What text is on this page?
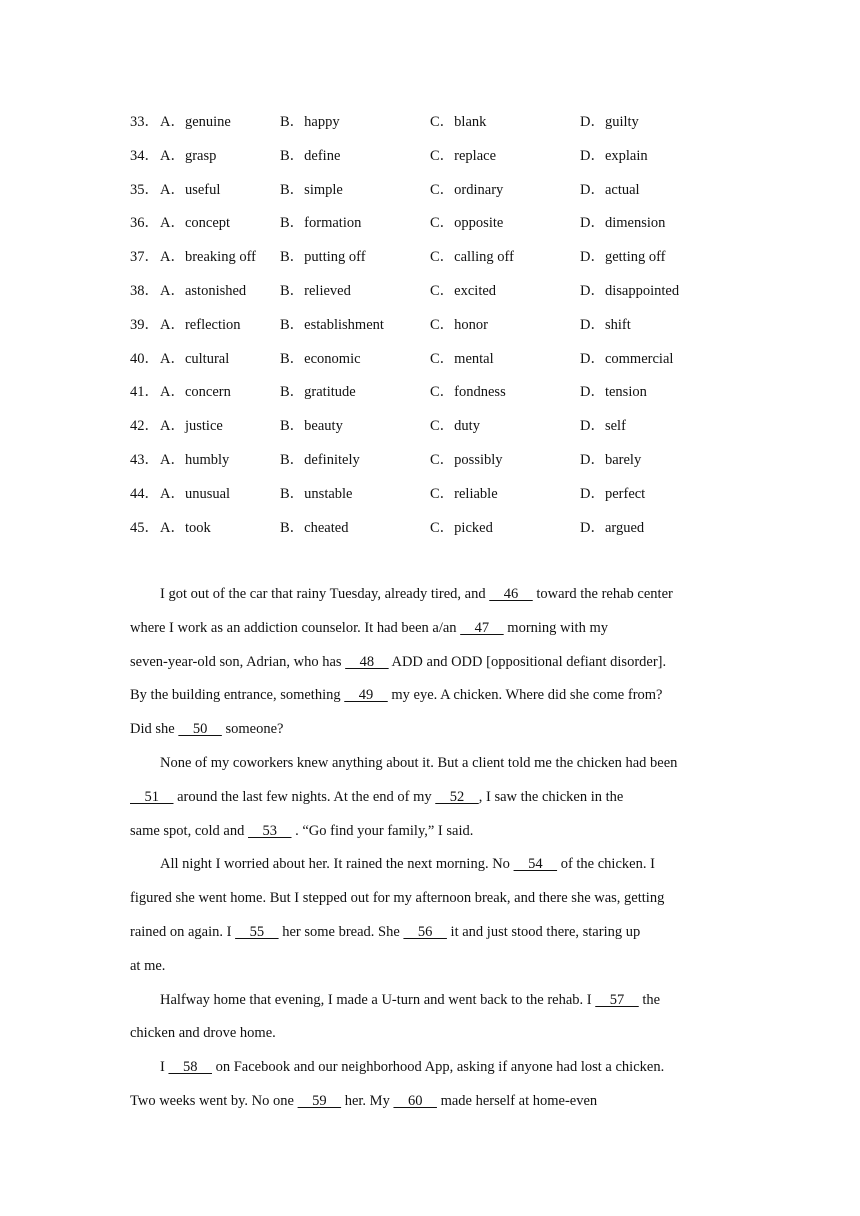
33． A．genuine	B．happy	C．blank	D．guilty
34． A．grasp	B．define	C．replace	D．explain
35． A．useful	B．simple	C．ordinary	D．actual
36． A．concept	B．formation	C．opposite	D．dimension
37． A．breaking off B．putting off	C．calling off	D．getting off
38． A．astonished B．relieved	C．excited	D．disappointed
39． A．reflection	B．establishment	C．honor	D．shift
40． A．cultural	B．economic	C．mental	D．commercial
41． A．concern	B．gratitude	C．fondness	D．tension
42． A．justice	B．beauty	C．duty	D．self
43． A．humbly	B．definitely	C．possibly	D．barely
44． A．unusual	B．unstable	C．reliable	D．perfect
45． A．took	B．cheated	C．picked	D．argued
I got out of the car that rainy Tuesday, already tired, and     46     toward the rehab center
where I work as an addiction counselor. It had been a/an     47     morning with my
seven-year-old son, Adrian, who has     48     ADD and ODD [oppositional defiant disorder].
By the building entrance, something     49     my eye. A chicken. Where did she come from?
Did she     50     someone?
None of my coworkers knew anything about it. But a client told me the chicken had been
51     around the last few nights. At the end of my     52    , I saw the chicken in the
same spot, cold and     53     . “Go find your family,” I said.
All night I worried about her. It rained the next morning. No     54     of the chicken. I
figured she went home. But I stepped out for my afternoon break, and there she was, getting
rained on again. I     55     her some bread. She     56     it and just stood there, staring up
at me.
Halfway home that evening, I made a U-turn and went back to the rehab. I     57     the
chicken and drove home.
I     58     on Facebook and our neighborhood App, asking if anyone had lost a chicken.
Two weeks went by. No one     59     her. My     60     made herself at home-even
